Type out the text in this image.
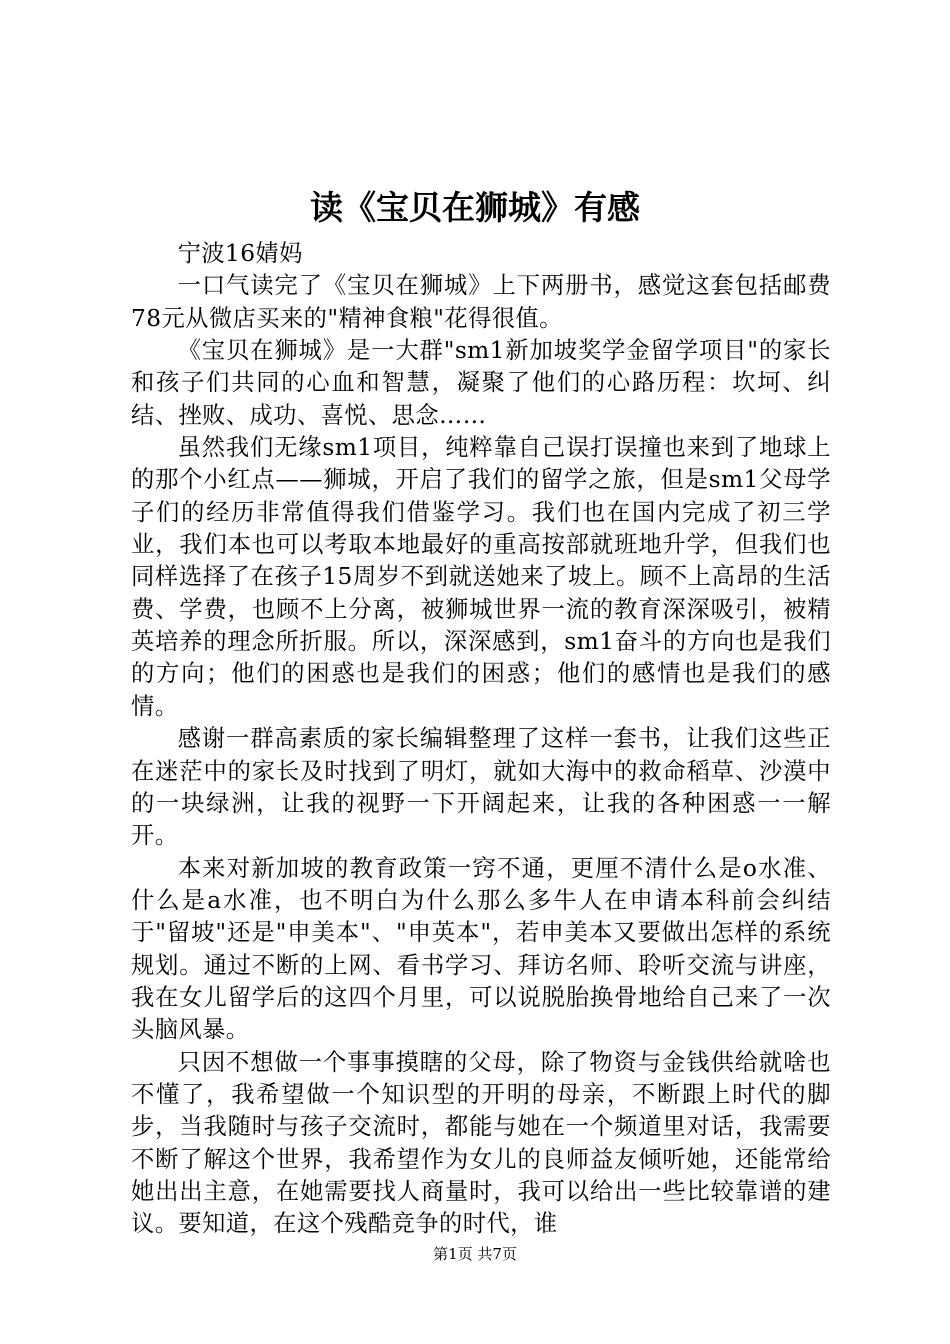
读《宝贝在狮城》有感

宁波16婧妈

一口气读完了《宝贝在狮城》上下两册书，感觉这套包括邮费78元从微店买来的"精神食粮"花得很值。

《宝贝在狮城》是一大群"sm1新加坡奖学金留学项目"的家长和孩子们共同的心血和智慧，凝聚了他们的心路历程：坎坷、纠结、挫败、成功、喜悦、思念……

虽然我们无缘sm1项目，纯粹靠自己误打误撞也来到了地球上的那个小红点——狮城，开启了我们的留学之旅，但是sm1父母学子们的经历非常值得我们借鉴学习。我们也在国内完成了初三学业，我们本也可以考取本地最好的重高按部就班地升学，但我们也同样选择了在孩子15周岁不到就送她来了坡上。顾不上高昂的生活费、学费，也顾不上分离，被狮城世界一流的教育深深吸引，被精英培养的理念所折服。所以，深深感到，sm1奋斗的方向也是我们的方向；他们的困惑也是我们的困惑；他们的感情也是我们的感情。

感谢一群高素质的家长编辑整理了这样一套书，让我们这些正在迷茫中的家长及时找到了明灯，就如大海中的救命稻草、沙漠中的一块绿洲，让我的视野一下开阔起来，让我的各种困惑一一解开。

本来对新加坡的教育政策一窍不通，更厘不清什么是o水准、什么是a水准，也不明白为什么那么多牛人在申请本科前会纠结于"留坡"还是"申美本"、"申英本"，若申美本又要做出怎样的系统规划。通过不断的上网、看书学习、拜访名师、聆听交流与讲座，我在女儿留学后的这四个月里，可以说脱胎换骨地给自己来了一次头脑风暴。

只因不想做一个事事摸瞎的父母，除了物资与金钱供给就啥也不懂了，我希望做一个知识型的开明的母亲，不断跟上时代的脚步，当我随时与孩子交流时，都能与她在一个频道里对话，我需要不断了解这个世界，我希望作为女儿的良师益友倾听她，还能常给她出出主意，在她需要找人商量时，我可以给出一些比较靠谱的建议。要知道，在这个残酷竞争的时代，谁

第1页 共7页
